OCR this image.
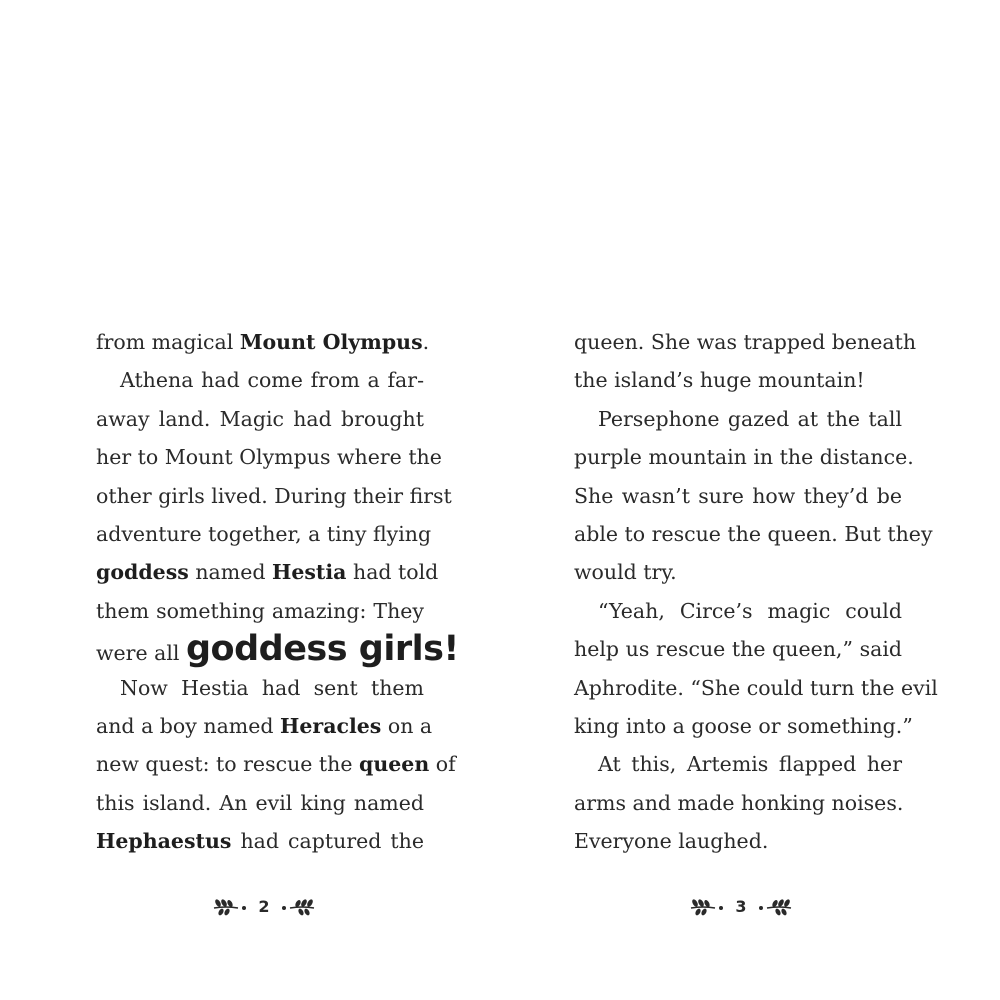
from magical Mount Olympus.
Athena had come from a far-
away land. Magic had brought
her to Mount Olympus where the
other girls lived. During their first
adventure together, a tiny flying
goddess named Hestia had told
them something amazing: They
were all goddess girls!
Now Hestia had sent them
and a boy named Heracles on a
new quest: to rescue the queen of
this island. An evil king named
Hephaestus had captured the
queen. She was trapped beneath
the island’s huge mountain!
Persephone gazed at the tall
purple mountain in the distance.
She wasn’t sure how they’d be
able to rescue the queen. But they
would try.
“Yeah, Circe’s magic could
help us rescue the queen,” said
Aphrodite. “She could turn the evil
king into a goose or something.”
At this, Artemis flapped her
arms and made honking noises.
Everyone laughed.
2	3
